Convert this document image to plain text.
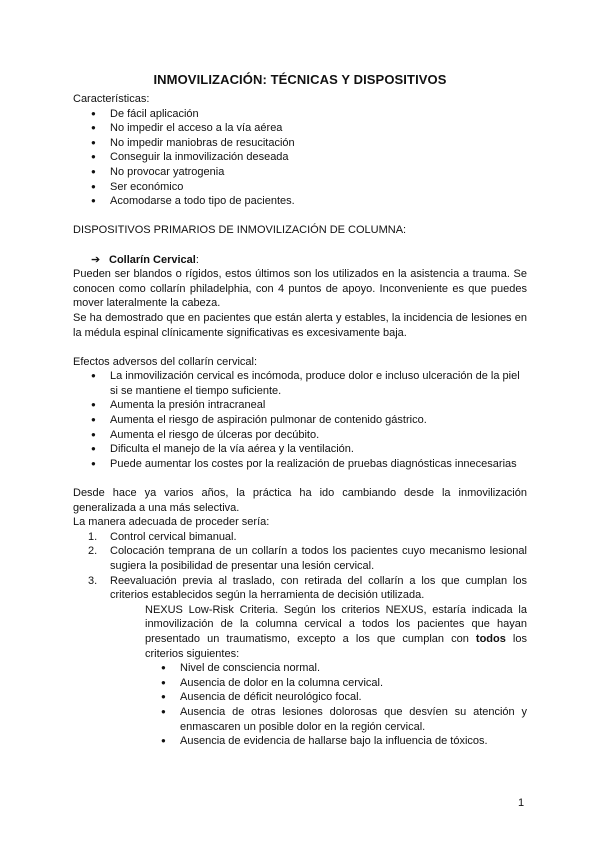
INMOVILIZACIÓN: TÉCNICAS Y DISPOSITIVOS

Características:

● De fácil aplicación
● No impedir el acceso a la vía aérea
● No impedir maniobras de resucitación
● Conseguir la inmovilización deseada
● No provocar yatrogenia
● Ser económico
● Acomodarse a todo tipo de pacientes.

DISPOSITIVOS PRIMARIOS DE INMOVILIZACIÓN DE COLUMNA:

➔ Collarín Cervical:

Pueden ser blandos o rígidos, estos últimos son los utilizados en la asistencia a trauma. Se conocen como collarín philadelphia, con 4 puntos de apoyo. Inconveniente es que puedes mover lateralmente la cabeza.

Se ha demostrado que en pacientes que están alerta y estables, la incidencia de lesiones en la médula espinal clínicamente significativas es excesivamente baja.

Efectos adversos del collarín cervical:

● La inmovilización cervical es incómoda, produce dolor e incluso ulceración de la piel si se mantiene el tiempo suficiente.
● Aumenta la presión intracraneal
● Aumenta el riesgo de aspiración pulmonar de contenido gástrico.
● Aumenta el riesgo de úlceras por decúbito.
● Dificulta el manejo de la vía aérea y la ventilación.
● Puede aumentar los costes por la realización de pruebas diagnósticas innecesarias

Desde hace ya varios años, la práctica ha ido cambiando desde la inmovilización generalizada a una más selectiva.

La manera adecuada de proceder sería:

1. Control cervical bimanual.
2. Colocación temprana de un collarín a todos los pacientes cuyo mecanismo lesional sugiera la posibilidad de presentar una lesión cervical.
3. Reevaluación previa al traslado, con retirada del collarín a los que cumplan los criterios establecidos según la herramienta de decisión utilizada.

NEXUS Low-Risk Criteria. Según los criterios NEXUS, estaría indicada la inmovilización de la columna cervical a todos los pacientes que hayan presentado un traumatismo, excepto a los que cumplan con todos los criterios siguientes:

● Nivel de consciencia normal.
● Ausencia de dolor en la columna cervical.
● Ausencia de déficit neurológico focal.
● Ausencia de otras lesiones dolorosas que desvíen su atención y enmascaren un posible dolor en la región cervical.
● Ausencia de evidencia de hallarse bajo la influencia de tóxicos.
1
